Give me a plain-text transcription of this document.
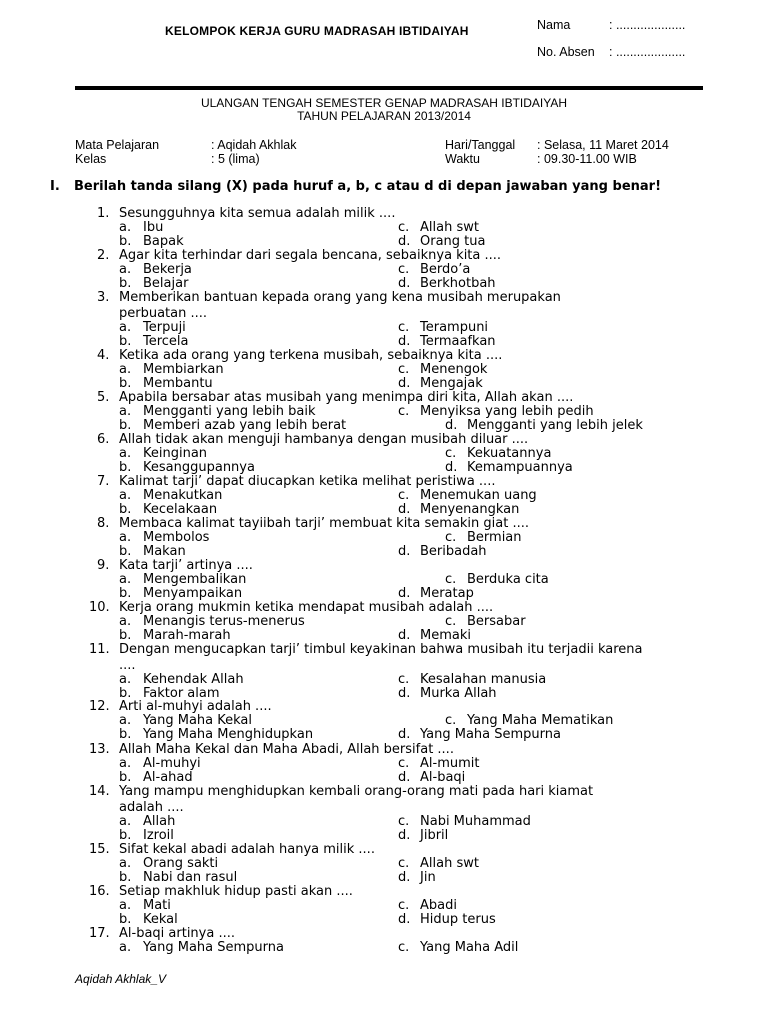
KELOMPOK KERJA GURU MADRASAH IBTIDAIYAH	Nama	: ....................
No. Absen : ....................
ULANGAN TENGAH SEMESTER GENAP MADRASAH IBTIDAIYAH
TAHUN PELAJARAN 2013/2014
Mata Pelajaran	: Aqidah Akhlak
Kelas	: 5 (lima)
Hari/Tanggal : Selasa, 11 Maret 2014
Waktu	: 09.30-11.00 WIB
I. Berilah tanda silang (X) pada huruf a, b, c atau d di depan jawaban yang benar!
1. Sesungguhnya kita semua adalah milik ....
a. Ibu	c. Allah swt
b. Bapak	d. Orang tua
2. Agar kita terhindar dari segala bencana, sebaiknya kita ....
a. Bekerja	c. Berdo’a
b. Belajar	d. Berkhotbah
3. Memberikan bantuan kepada orang yang kena musibah merupakan
perbuatan ....
a. Terpuji	c. Terampuni
b. Tercela	d. Termaafkan
4. Ketika ada orang yang terkena musibah, sebaiknya kita ....
a. Membiarkan	c. Menengok
b. Membantu	d. Mengajak
5. Apabila bersabar atas musibah yang menimpa diri kita, Allah akan ....
a. Mengganti yang lebih baik	c. Menyiksa yang lebih pedih
b. Memberi azab yang lebih berat	d. Mengganti yang lebih jelek
6. Allah tidak akan menguji hambanya dengan musibah diluar ....
a. Keinginan	c. Kekuatannya
b. Kesanggupannya	d. Kemampuannya
7. Kalimat tarji’ dapat diucapkan ketika melihat peristiwa ....
a. Menakutkan	c. Menemukan uang
b. Kecelakaan	d. Menyenangkan
8. Membaca kalimat tayiibah tarji’ membuat kita semakin giat ....
a. Membolos	c. Bermian
b. Makan	d. Beribadah
9. Kata tarji’ artinya ....
a. Mengembalikan	c. Berduka cita
b. Menyampaikan	d. Meratap
10. Kerja orang mukmin ketika mendapat musibah adalah ....
a. Menangis terus-menerus	c. Bersabar
b. Marah-marah	d. Memaki
11. Dengan mengucapkan tarji’ timbul keyakinan bahwa musibah itu terjadii karena
....
a. Kehendak Allah	c. Kesalahan manusia
b. Faktor alam	d. Murka Allah
12. Arti al-muhyi adalah ....
a. Yang Maha Kekal	c. Yang Maha Mematikan
b. Yang Maha Menghidupkan	d. Yang Maha Sempurna
13. Allah Maha Kekal dan Maha Abadi, Allah bersifat ....
a. Al-muhyi	c. Al-mumit
b. Al-ahad	d. Al-baqi
14. Yang mampu menghidupkan kembali orang-orang mati pada hari kiamat
adalah ....
a. Allah	c. Nabi Muhammad
b. Izroil	d. Jibril
15. Sifat kekal abadi adalah hanya milik ....
a. Orang sakti	c. Allah swt
b. Nabi dan rasul	d. Jin
16. Setiap makhluk hidup pasti akan ....
a. Mati	c. Abadi
b. Kekal	d. Hidup terus
17. Al-baqi artinya ....
a. Yang Maha Sempurna	c. Yang Maha Adil
Aqidah Akhlak_V
